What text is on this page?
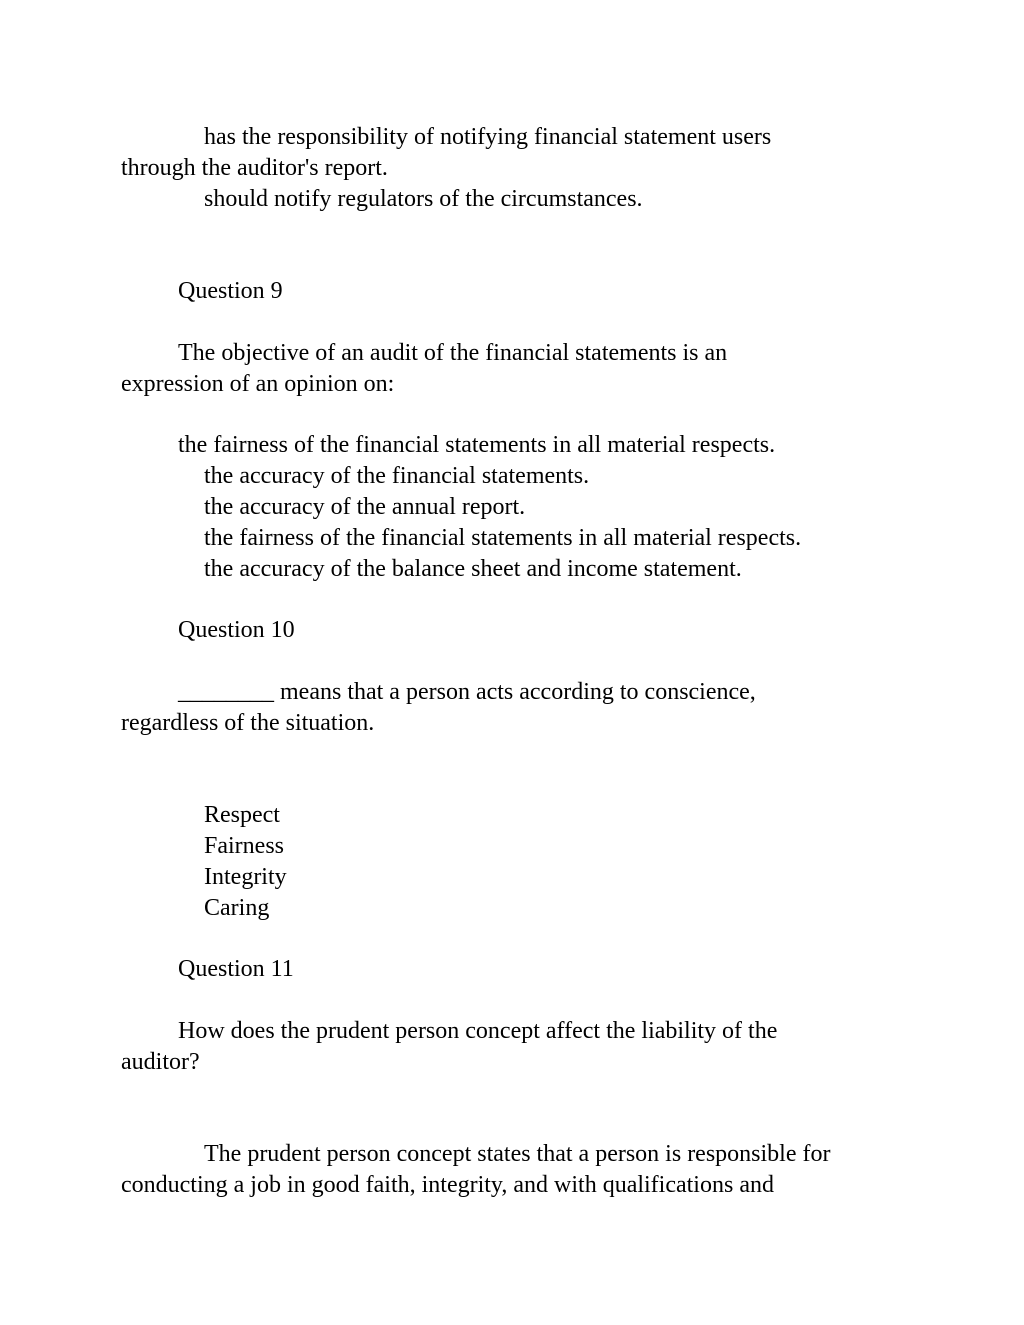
has the responsibility of notifying financial statement users
through the auditor's report.
should notify regulators of the circumstances.
Question 9
The objective of an audit of the financial statements is an
expression of an opinion on:
the fairness of the financial statements in all material respects.
the accuracy of the financial statements.
the accuracy of the annual report.
the fairness of the financial statements in all material respects.
the accuracy of the balance sheet and income statement.
Question 10
________ means that a person acts according to conscience,
regardless of the situation.
Respect
Fairness
Integrity
Caring
Question 11
How does the prudent person concept affect the liability of the
auditor?
The prudent person concept states that a person is responsible for
conducting a job in good faith, integrity, and with qualifications and
